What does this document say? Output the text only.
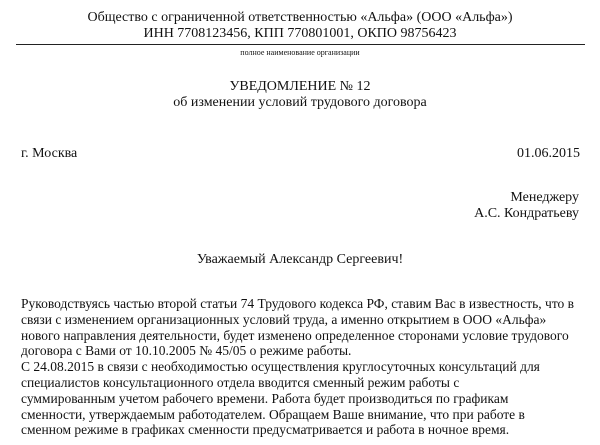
Общество с ограниченной ответственностью «Альфа» (ООО «Альфа»)
ИНН 7708123456, КПП 770801001, ОКПО 98756423
полное наименование организации
УВЕДОМЛЕНИЕ № 12
об изменении условий трудового договора
г. Москва	01.06.2015
Менеджеру
А.С. Кондратьеву
Уважаемый Александр Сергеевич!
Руководствуясь частью второй статьи 74 Трудового кодекса РФ, ставим Вас в известность, что в
связи с изменением организационных условий труда, а именно открытием в ООО «Альфа»
нового направления деятельности, будет изменено определенное сторонами условие трудового
договора с Вами от 10.10.2005 № 45/05 о режиме работы.
С 24.08.2015 в связи с необходимостью осуществления круглосуточных консультаций для
специалистов консультационного отдела вводится сменный режим работы с
суммированным учетом рабочего времени. Работа будет производиться по графикам
сменности, утверждаемым работодателем. Обращаем Ваше внимание, что при работе в
сменном режиме в графиках сменности предусматривается и работа в ночное время.
